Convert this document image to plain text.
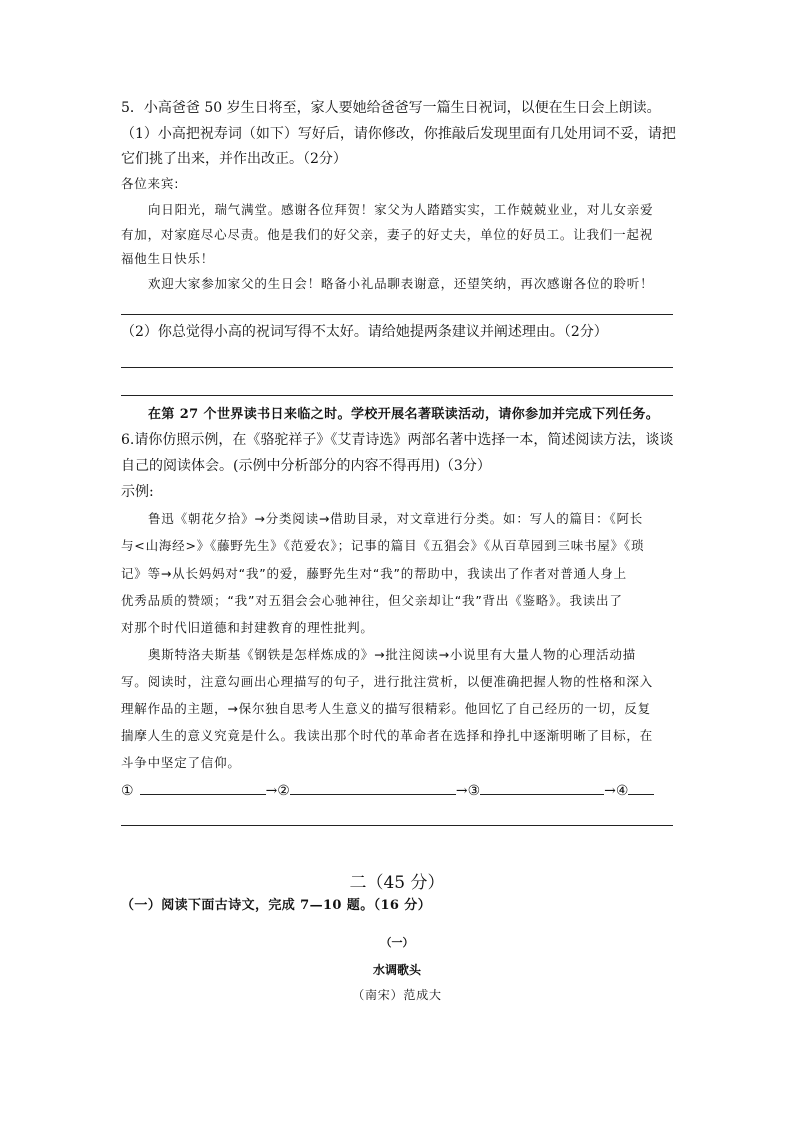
5．小高爸爸 50 岁生日将至，家人要她给爸爸写一篇生日祝词，以便在生日会上朗读。
（1）小高把祝寿词（如下）写好后，请你修改，你推敲后发现里面有几处用词不妥，请把
它们挑了出来，并作出改正。（2分）
各位来宾:
向日阳光，瑞气满堂。感谢各位拜贺！家父为人踏踏实实，工作兢兢业业，对儿女亲爱
有加，对家庭尽心尽责。他是我们的好父亲，妻子的好丈夫，单位的好员工。让我们一起祝
福他生日快乐！
欢迎大家参加家父的生日会！略备小礼品聊表谢意，还望笑纳，再次感谢各位的聆听！
（2）你总觉得小高的祝词写得不太好。请给她提两条建议并阐述理由。（2分）
在第 27 个世界读书日来临之时。学校开展名著联读活动，请你参加并完成下列任务。
6.请你仿照示例，在《骆驼祥子》《艾青诗选》两部名著中选择一本，简述阅读方法，谈谈
自己的阅读体会。(示例中分析部分的内容不得再用)（3分）
示例:
鲁迅《朝花夕拾》→分类阅读→借助目录，对文章进行分类。如：写人的篇目：《阿长
与<山海经>》《藤野先生》《范爱农》；记事的篇目《五猖会》《从百草园到三味书屋》《琐
记》等→从长妈妈对“我”的爱，藤野先生对“我”的帮助中，我读出了作者对普通人身上
优秀品质的赞颂；“我”对五猖会会心驰神往，但父亲却让“我”背出《鉴略》。我读出了
对那个时代旧道德和封建教育的理性批判。
奥斯特洛夫斯基《钢铁是怎样炼成的》→批注阅读→小说里有大量人物的心理活动描
写。阅读时，注意勾画出心理描写的句子，进行批注赏析，以便准确把握人物的性格和深入
理解作品的主题，→保尔独自思考人生意义的描写很精彩。他回忆了自己经历的一切，反复
揣摩人生的意义究竟是什么。我读出那个时代的革命者在选择和挣扎中逐渐明晰了目标，在
斗争中坚定了信仰。
①	→②	→③	→④
二（45 分）
（一）阅读下面古诗文，完成 7—10 题。（16 分）
（一）
水调歌头
（南宋）范成大
